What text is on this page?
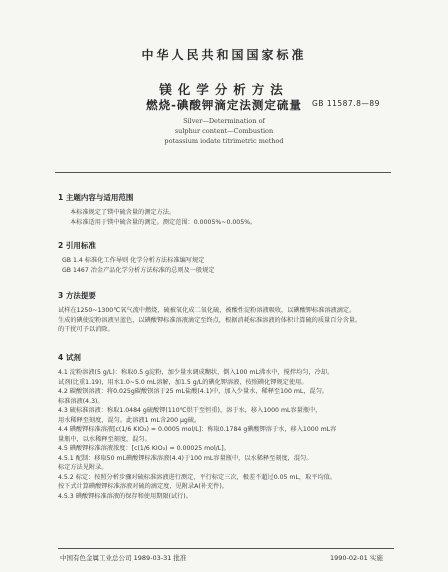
中华人民共和国国家标准
镁化学分析方法
燃烧-碘酸钾滴定法测定硫量	GB 11587.8—89
Silver—Determination of
sulphur content—Combustion
potassium iodate titrimetric method
1 主题内容与适用范围
本标准规定了镁中硫含量的测定方法。
本标准适用于镁中硫含量的测定。测定范围：0.0005%~0.005%。
2 引用标准
GB 1.4 标准化工作导则 化学分析方法标准编写规定
GB 1467 冶金产品化学分析方法标准的总则及一般规定
3 方法提要
试样在1250~1300℃氧气流中燃烧，硫被氧化成二氧化硫，被酸性淀粉溶液吸收，以碘酸钾标准溶液滴定。
生成的碘使淀粉溶液呈蓝色，以碘酸钾标准溶液滴定至终点，根据消耗标准溶液的体积计算硫的质量百分含量。
的干扰可予以消除。
4 试剂
4.1 淀粉溶液(5 g/L)：称取0.5 g淀粉，加少量水调成糊状，倒入100 mL沸水中，搅拌均匀，冷却。
试剂(比重1.19)，用水1.0~5.0 mL溶解，加1.5 g/L的碘化钾溶液，按照碘化钾规定使用。
4.2 碳酸钡溶液：将0.025g碳酸钡溶于25 mL盐酸(4.1)中，加入少量水，稀释至100 mL，混匀。
标准溶液(4.3)。
4.3 硫标准溶液：称取1.0484 g硫酸钾(110℃烘干至恒重)，溶于水，移入1000 mL容量瓶中，
用水稀释至刻度，混匀。此溶液1 mL含200 μg硫。
4.4 碘酸钾标准溶液[c(1/6 KIO₃) = 0.0005 mol/L]：称取0.1784 g碘酸钾溶于水，移入1000 mL容
量瓶中，以水稀释至刻度，混匀。
4.5 碘酸钾标准溶液浓度：[c(1/6 KIO₃) = 0.00025 mol/L]。
4.5.1 配制：移取50 mL碘酸钾标准溶液(4.4)于100 mL容量瓶中，以水稀释至刻度，混匀。
标定方法见附录。
4.5.2 标定：按照分析步骤对硫标准溶液进行测定，平行标定三次，极差不超过0.05 mL，取平均值。
按下式计算碘酸钾标准溶液对硫的滴定度，见附录A(补充件)。
4.5.3 碘酸钾标准溶液的保存和使用期限(试行)。
中国有色金属工业总公司 1989-03-31 批准	1990-02-01 实施
